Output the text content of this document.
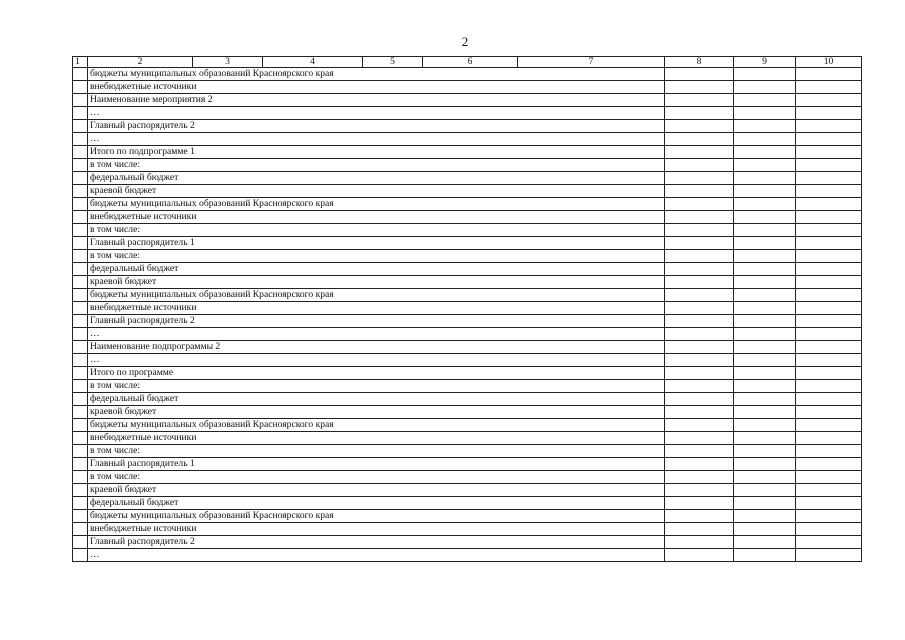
2
1	2	3	4	5	6	7	8	9	10
	бюджеты муниципальных образований Красноярского края								
	внебюджетные источники								
	Наименование мероприятия 2								
	…								
	Главный распорядитель 2								
	…								
	Итого по подпрограмме 1								
	в том числе:								
	федеральный бюджет								
	краевой бюджет								
	бюджеты муниципальных образований Красноярского края								
	внебюджетные источники								
	в том числе:								
	Главный распорядитель 1								
	в том числе:								
	федеральный бюджет								
	краевой бюджет								
	бюджеты муниципальных образований Красноярского края								
	внебюджетные источники								
	Главный распорядитель 2								
	…								
	Наименование подпрограммы 2								
	…								
	Итого по программе								
	в том числе:								
	федеральный бюджет								
	краевой бюджет								
	бюджеты муниципальных образований Красноярского края								
	внебюджетные источники								
	в том числе:								
	Главный распорядитель 1								
	в том числе:								
	краевой бюджет								
	федеральный бюджет								
	бюджеты муниципальных образований Красноярского края								
	внебюджетные источники								
	Главный распорядитель 2								
	…								
